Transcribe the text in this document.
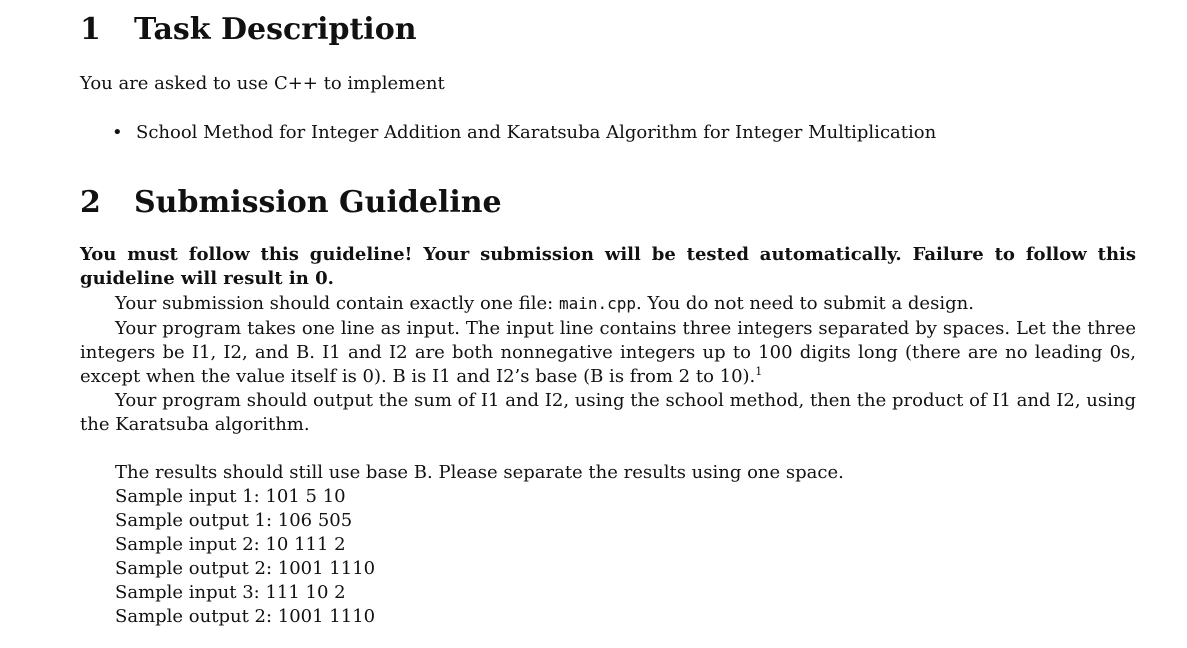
1 Task Description

You are asked to use C++ to implement

• School Method for Integer Addition and Karatsuba Algorithm for Integer Multiplication

2 Submission Guideline

You must follow this guideline! Your submission will be tested automatically. Failure to follow this guideline will result in 0.

Your submission should contain exactly one file: main.cpp. You do not need to submit a design.

Your program takes one line as input. The input line contains three integers separated by spaces. Let the three integers be I1, I2, and B. I1 and I2 are both nonnegative integers up to 100 digits long (there are no leading 0s, except when the value itself is 0). B is I1 and I2’s base (B is from 2 to 10).$^1$

Your program should output the sum of I1 and I2, using the school method, then the product of I1 and I2, using the Karatsuba algorithm.

The results should still use base B. Please separate the results using one space.

Sample input 1: 101 5 10

Sample output 1: 106 505

Sample input 2: 10 111 2

Sample output 2: 1001 1110

Sample input 3: 111 10 2

Sample output 2: 1001 1110
